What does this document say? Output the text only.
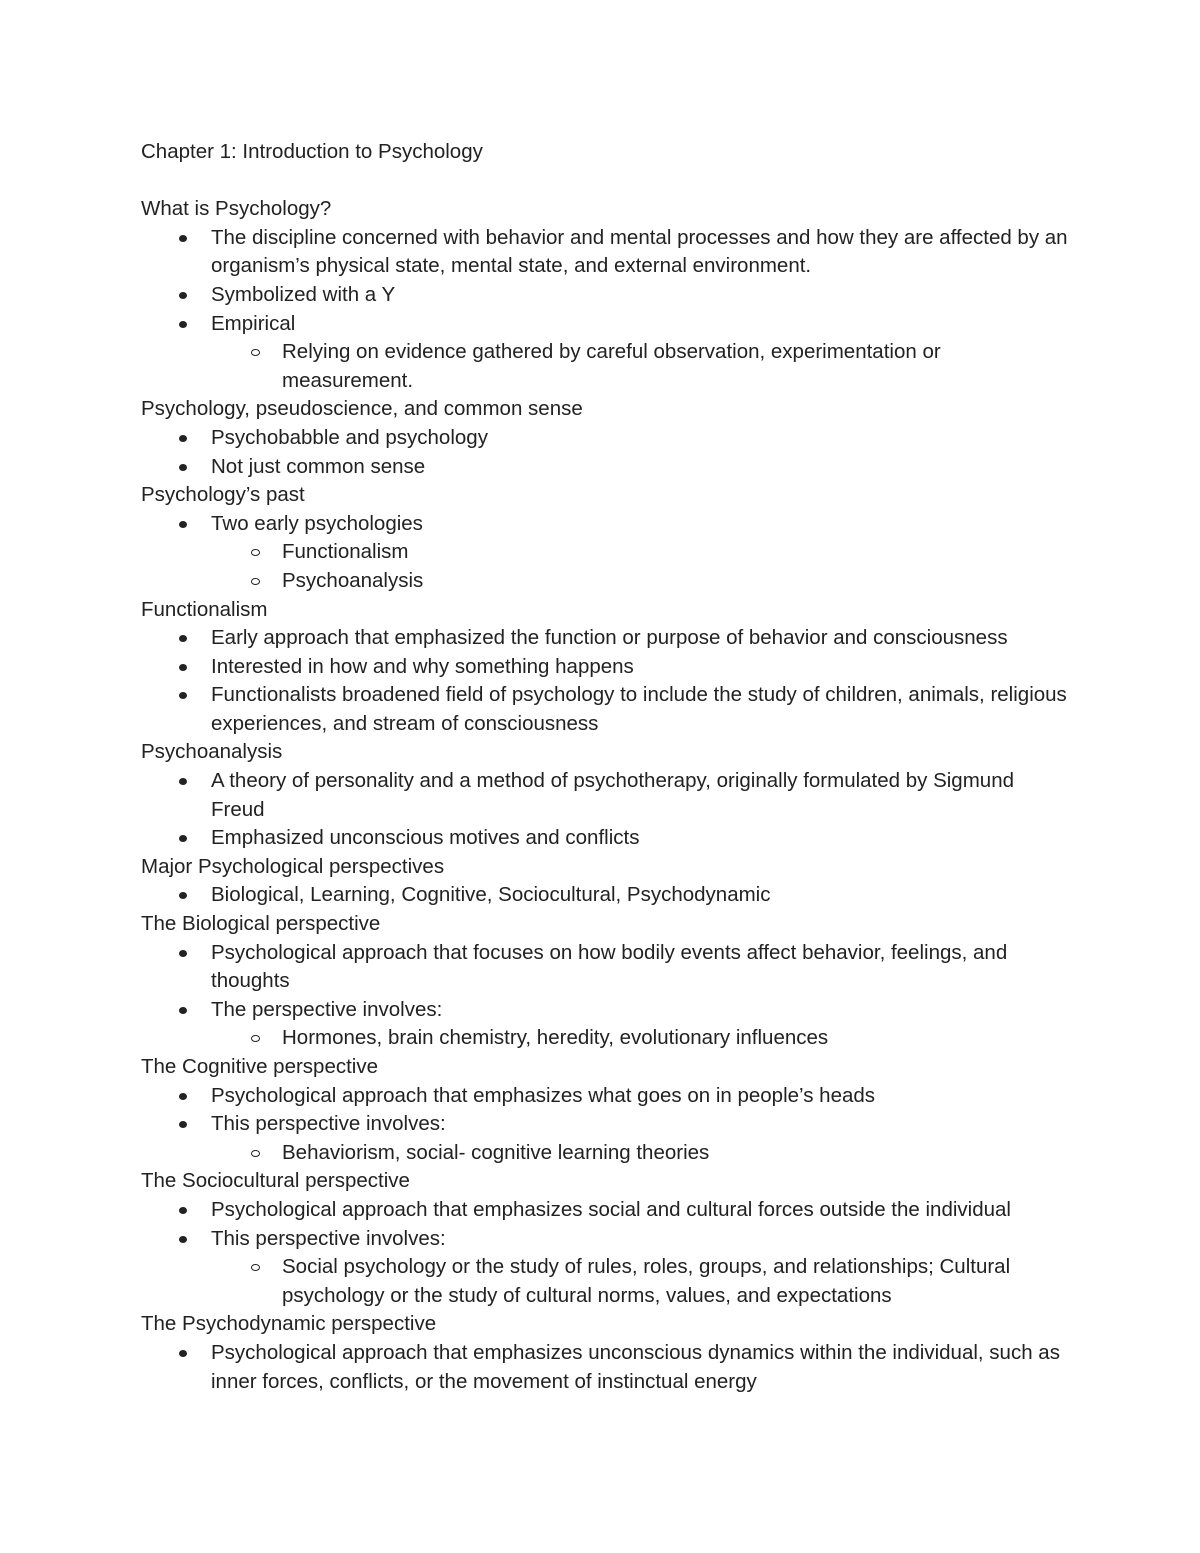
Chapter 1: Introduction to Psychology
What is Psychology?
The discipline concerned with behavior and mental processes and how they are affected by an organism’s physical state, mental state, and external environment.
Symbolized with a Y
Empirical
Relying on evidence gathered by careful observation, experimentation or measurement.
Psychology, pseudoscience, and common sense
Psychobabble and psychology
Not just common sense
Psychology’s past
Two early psychologies
Functionalism
Psychoanalysis
Functionalism
Early approach that emphasized the function or purpose of behavior and consciousness
Interested in how and why something happens
Functionalists broadened field of psychology to include the study of children, animals, religious experiences, and stream of consciousness
Psychoanalysis
A theory of personality and a method of psychotherapy, originally formulated by Sigmund Freud
Emphasized unconscious motives and conflicts
Major Psychological perspectives
Biological, Learning, Cognitive, Sociocultural, Psychodynamic
The Biological perspective
Psychological approach that focuses on how bodily events affect behavior, feelings, and thoughts
The perspective involves:
Hormones, brain chemistry, heredity, evolutionary influences
The Cognitive perspective
Psychological approach that emphasizes what goes on in people’s heads
This perspective involves:
Behaviorism, social- cognitive learning theories
The Sociocultural perspective
Psychological approach that emphasizes social and cultural forces outside the individual
This perspective involves:
Social psychology or the study of rules, roles, groups, and relationships; Cultural psychology or the study of cultural norms, values, and expectations
The Psychodynamic perspective
Psychological approach that emphasizes unconscious dynamics within the individual, such as inner forces, conflicts, or the movement of instinctual energy
